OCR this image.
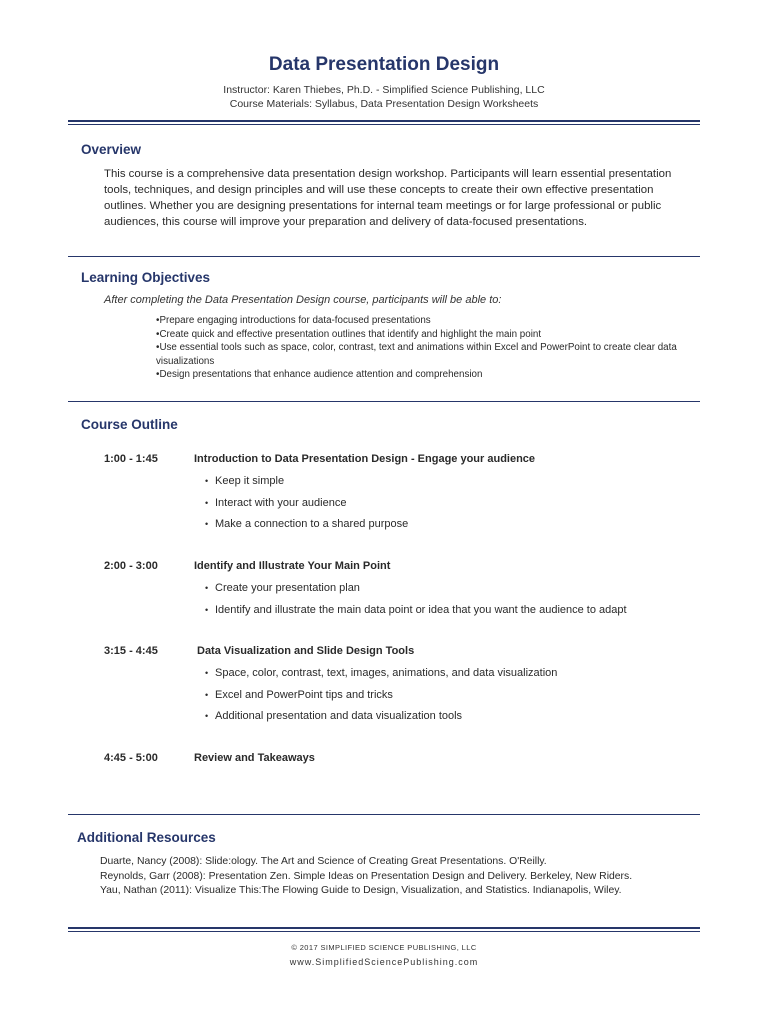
Data Presentation Design
Instructor: Karen Thiebes, Ph.D. - Simplified Science Publishing, LLC
Course Materials: Syllabus, Data Presentation Design Worksheets
Overview
This course is a comprehensive data presentation design workshop. Participants will learn essential presentation
tools, techniques, and design principles and will use these concepts to create their own effective presentation
outlines. Whether you are designing presentations for internal team meetings or for large professional or public
audiences, this course will improve your preparation and delivery of data-focused presentations.
Learning Objectives
After completing the Data Presentation Design course, participants will be able to:
• Prepare engaging introductions for data-focused presentations
• Create quick and effective presentation outlines that identify and highlight the main point
• Use essential tools such as space, color, contrast, text and animations within Excel and PowerPoint to create clear data visualizations
• Design presentations that enhance audience attention and comprehension
Course Outline
1:00 - 1:45	Introduction to Data Presentation Design - Engage your audience
• Keep it simple
• Interact with your audience
• Make a connection to a shared purpose
2:00 - 3:00	Identify and Illustrate Your Main Point
• Create your presentation plan
• Identify and illustrate the main data point or idea that you want the audience to adapt
3:15 - 4:45	Data Visualization and Slide Design Tools
• Space, color, contrast, text, images, animations, and data visualization
• Excel and PowerPoint tips and tricks
• Additional presentation and data visualization tools
4:45 - 5:00	Review and Takeaways
Additional Resources
Duarte, Nancy (2008): Slide:ology. The Art and Science of Creating Great Presentations. O'Reilly.
Reynolds, Garr (2008): Presentation Zen. Simple Ideas on Presentation Design and Delivery. Berkeley, New Riders.
Yau, Nathan (2011): Visualize This:The Flowing Guide to Design, Visualization, and Statistics. Indianapolis, Wiley.
© 2017 SIMPLIFIED SCIENCE PUBLISHING, LLC
www.SimplifiedSciencePublishing.com
